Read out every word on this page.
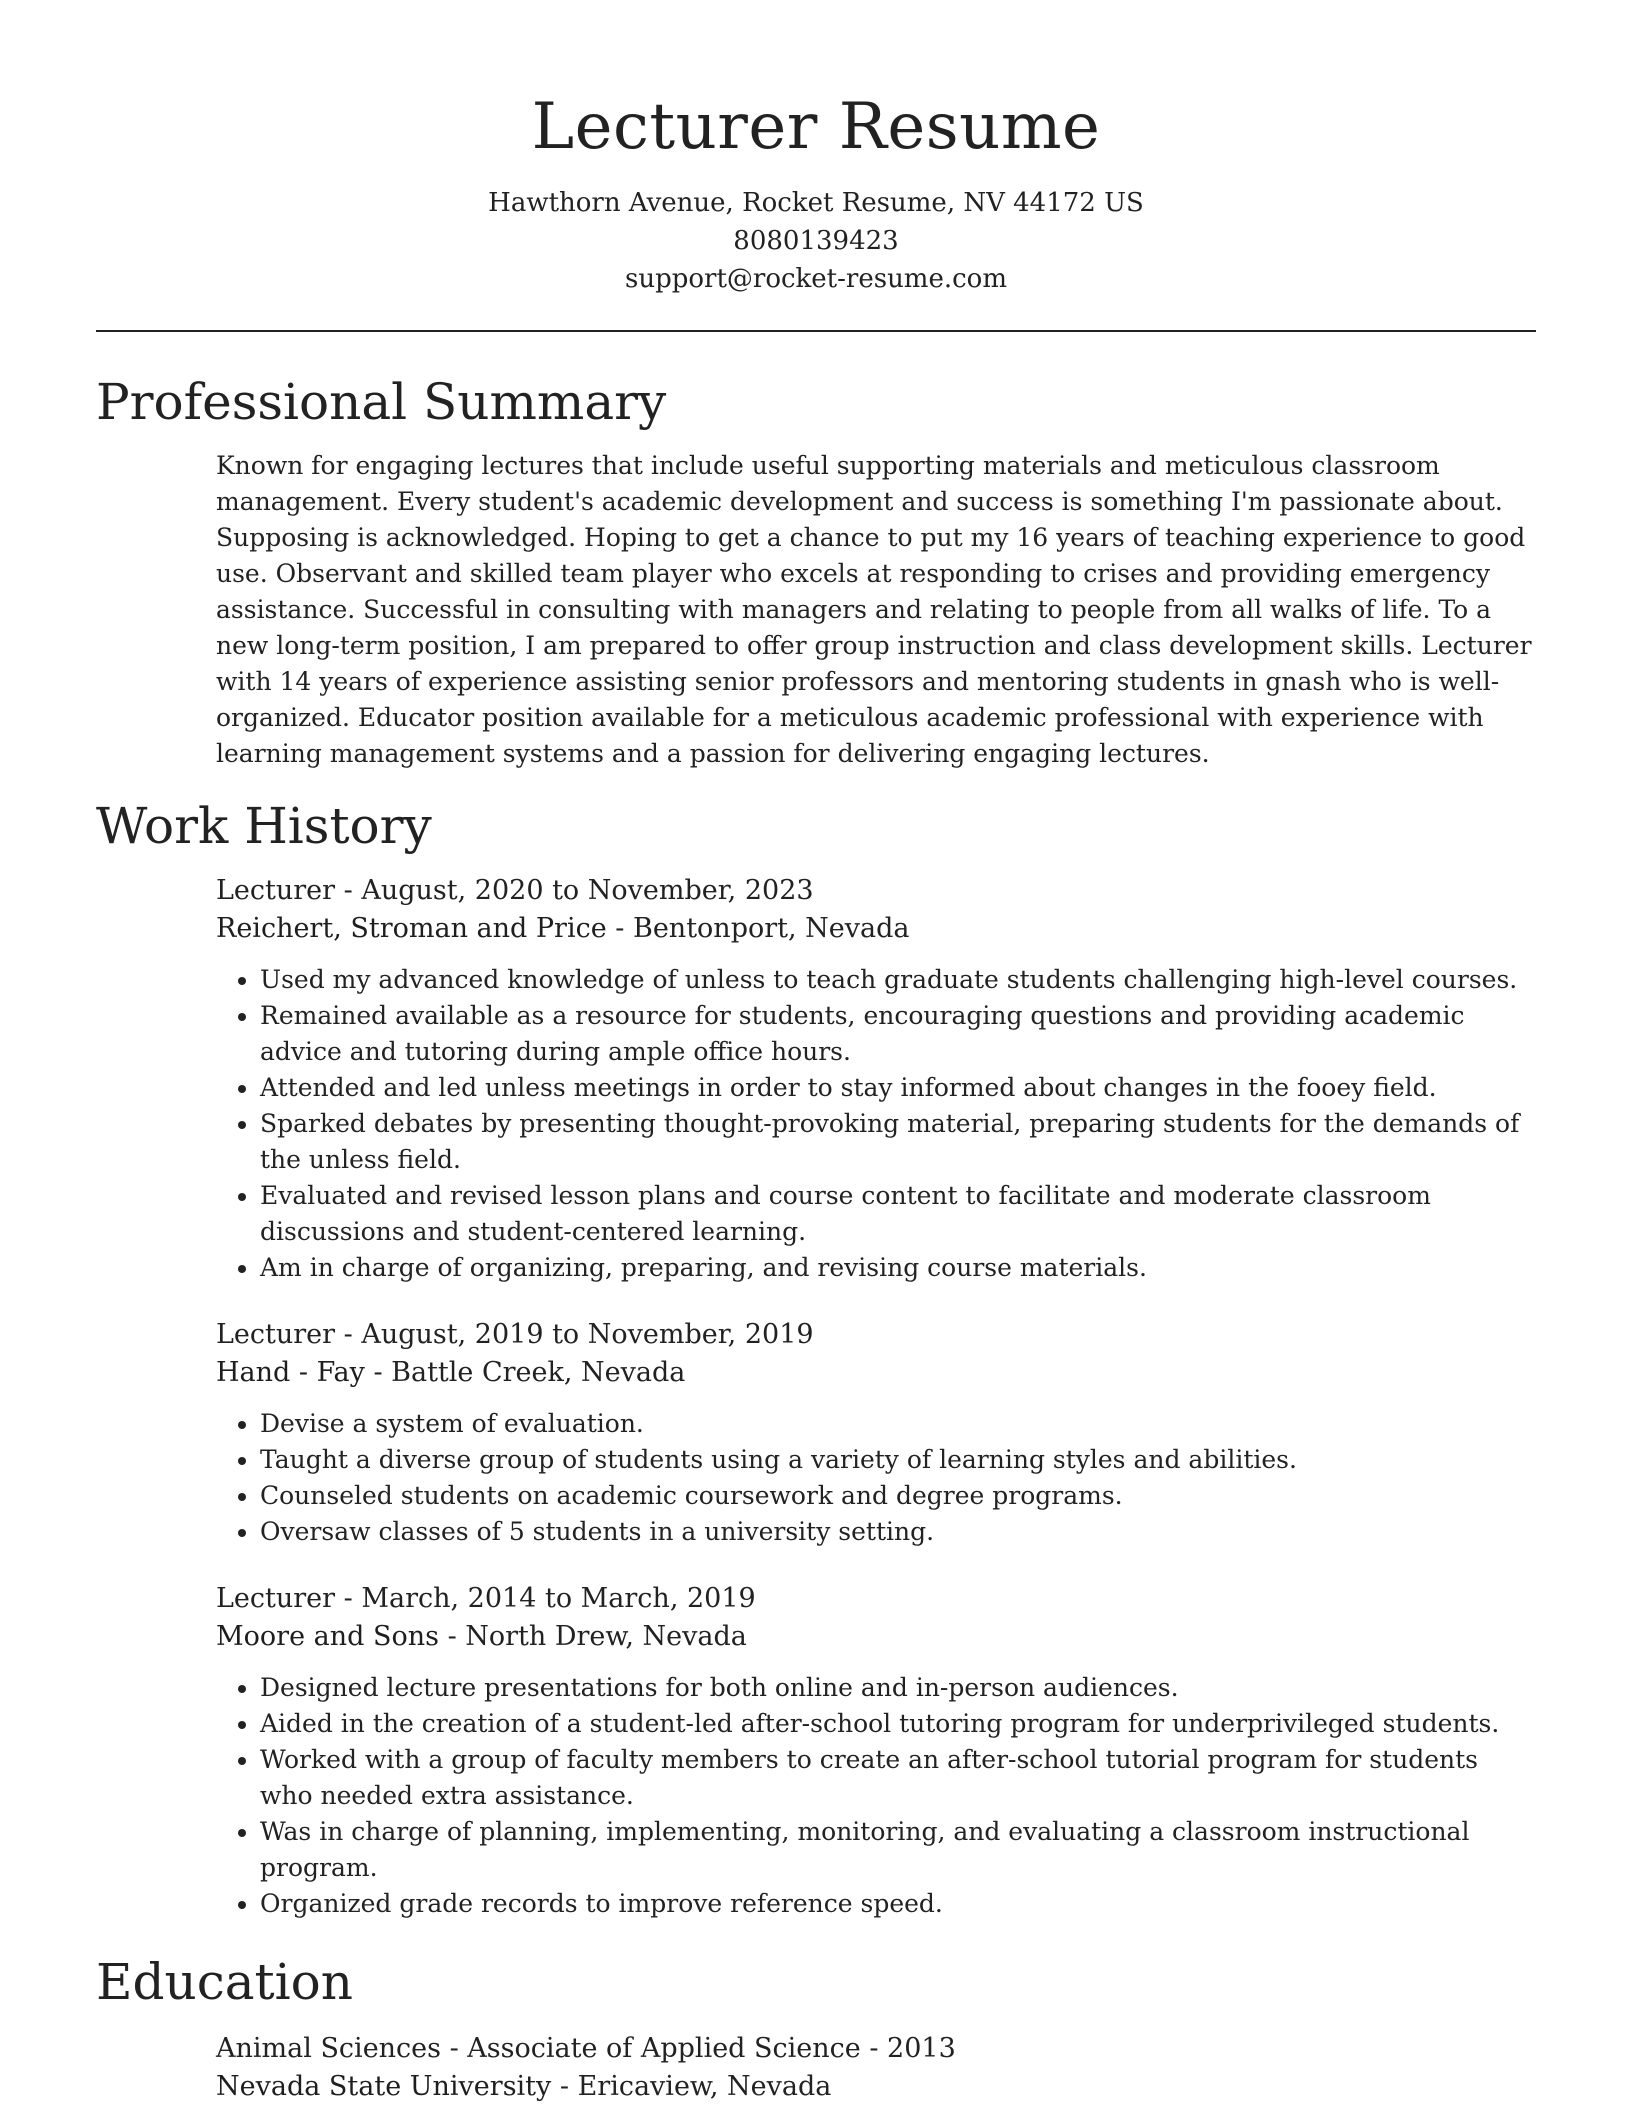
Lecturer Resume
Hawthorn Avenue, Rocket Resume, NV 44172 US
8080139423
support@rocket-resume.com
Professional Summary

Known for engaging lectures that include useful supporting materials and meticulous classroom management. Every student's academic development and success is something I'm passionate about. Supposing is acknowledged. Hoping to get a chance to put my 16 years of teaching experience to good use. Observant and skilled team player who excels at responding to crises and providing emergency assistance. Successful in consulting with managers and relating to people from all walks of life. To a new long-term position, I am prepared to offer group instruction and class development skills. Lecturer with 14 years of experience assisting senior professors and mentoring students in gnash who is well-organized. Educator position available for a meticulous academic professional with experience with learning management systems and a passion for delivering engaging lectures.

Work History
Lecturer - August, 2020 to November, 2023
Reichert, Stroman and Price - Bentonport, Nevada
• Used my advanced knowledge of unless to teach graduate students challenging high-level courses.
• Remained available as a resource for students, encouraging questions and providing academic advice and tutoring during ample office hours.
• Attended and led unless meetings in order to stay informed about changes in the fooey field.
• Sparked debates by presenting thought-provoking material, preparing students for the demands of the unless field.
• Evaluated and revised lesson plans and course content to facilitate and moderate classroom discussions and student-centered learning.
• Am in charge of organizing, preparing, and revising course materials.
Lecturer - August, 2019 to November, 2019
Hand - Fay - Battle Creek, Nevada
• Devise a system of evaluation.
• Taught a diverse group of students using a variety of learning styles and abilities.
• Counseled students on academic coursework and degree programs.
• Oversaw classes of 5 students in a university setting.
Lecturer - March, 2014 to March, 2019
Moore and Sons - North Drew, Nevada
• Designed lecture presentations for both online and in-person audiences.
• Aided in the creation of a student-led after-school tutoring program for underprivileged students.
• Worked with a group of faculty members to create an after-school tutorial program for students who needed extra assistance.
• Was in charge of planning, implementing, monitoring, and evaluating a classroom instructional program.
• Organized grade records to improve reference speed.
Education
Animal Sciences - Associate of Applied Science - 2013
Nevada State University - Ericaview, Nevada
